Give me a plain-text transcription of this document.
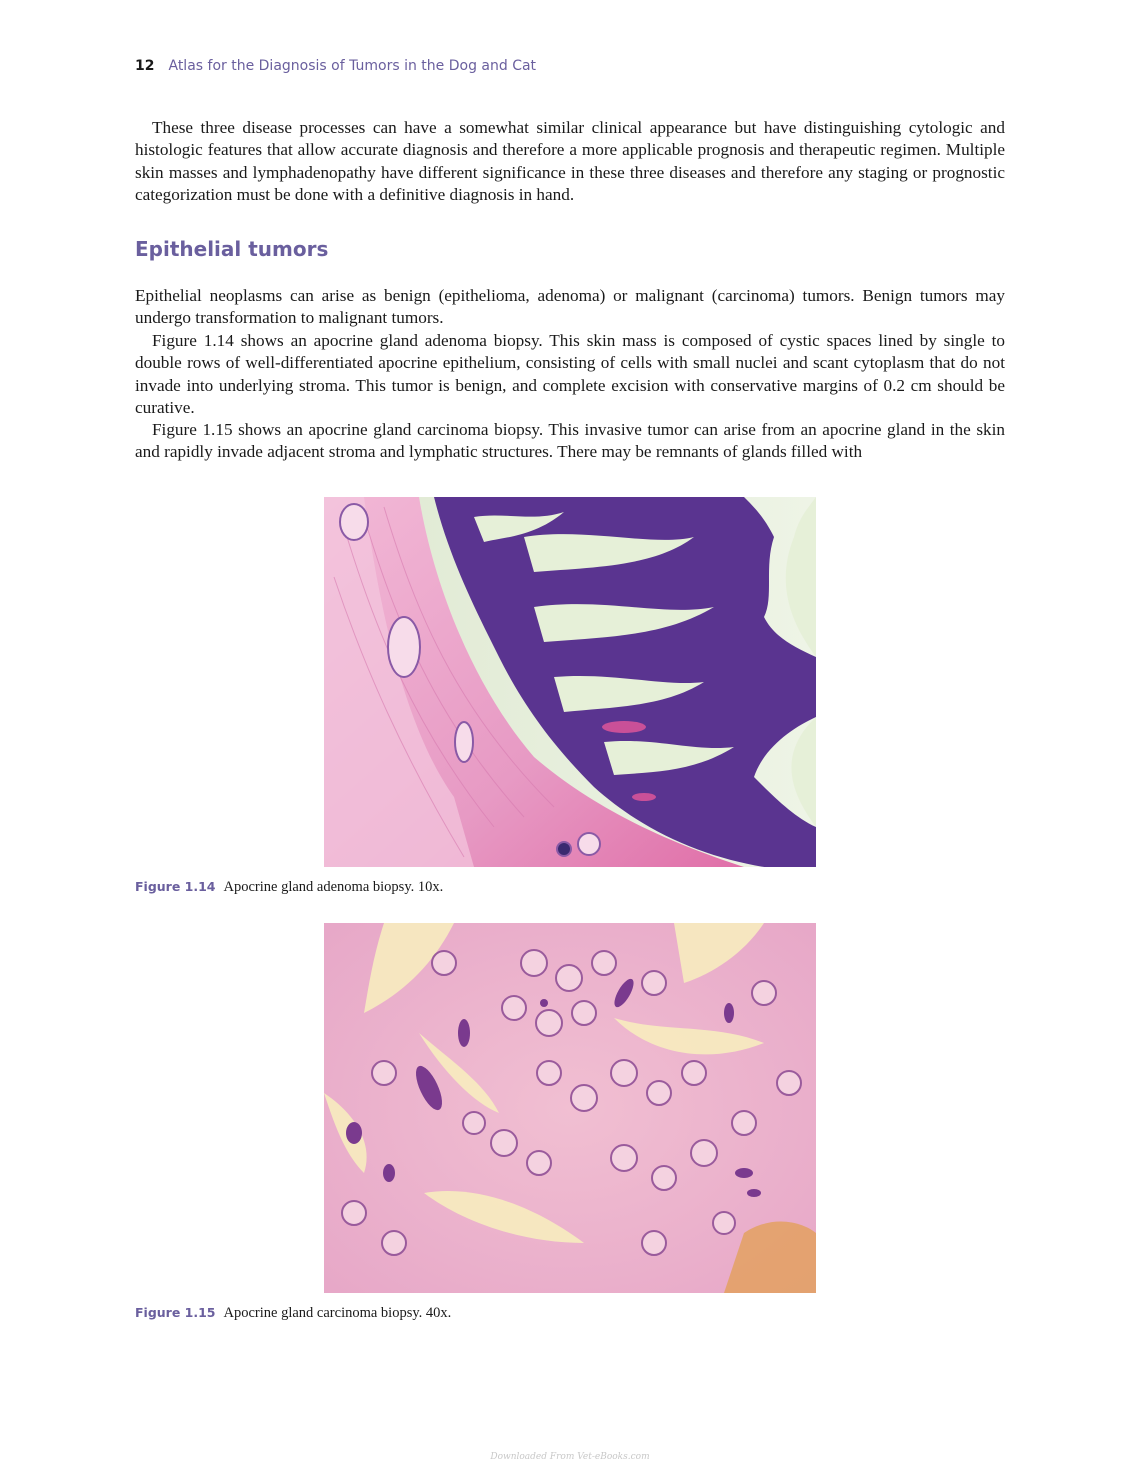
12 Atlas for the Diagnosis of Tumors in the Dog and Cat

These three disease processes can have a somewhat similar clinical appearance but have distinguishing cytologic and histologic features that allow accurate diagnosis and therefore a more applicable prognosis and therapeutic regimen. Multiple skin masses and lymphadenopathy have different significance in these three diseases and therefore any staging or prognostic categorization must be done with a definitive diagnosis in hand.

Epithelial tumors

Epithelial neoplasms can arise as benign (epithelioma, adenoma) or malignant (carcinoma) tumors. Benign tumors may undergo transformation to malignant tumors.

Figure 1.14 shows an apocrine gland adenoma biopsy. This skin mass is composed of cystic spaces lined by single to double rows of well-differentiated apocrine epithelium, consisting of cells with small nuclei and scant cytoplasm that do not invade into underlying stroma. This tumor is benign, and complete excision with conservative margins of 0.2 cm should be curative.

Figure 1.15 shows an apocrine gland carcinoma biopsy. This invasive tumor can arise from an apocrine gland in the skin and rapidly invade adjacent stroma and lymphatic structures. There may be remnants of glands filled with

Figure 1.14 Apocrine gland adenoma biopsy. 10x.
Figure 1.15 Apocrine gland carcinoma biopsy. 40x.
Downloaded From Vet-eBooks.com
